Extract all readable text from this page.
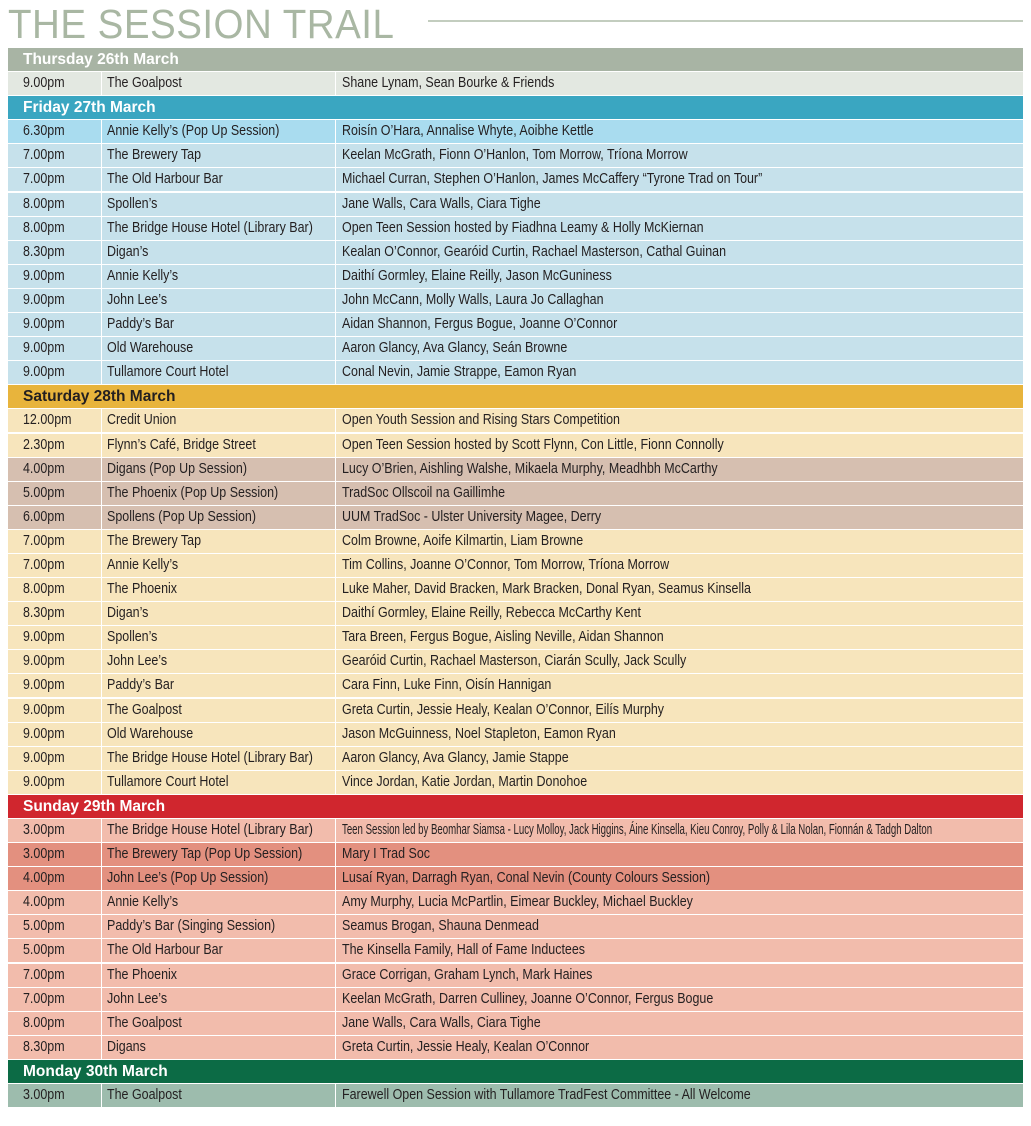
THE SESSION TRAIL
Thursday 26th March
9.00pm	The Goalpost	Shane Lynam, Sean Bourke & Friends
Friday 27th March
6.30pm	Annie Kelly’s (Pop Up Session)	Roisín O’Hara, Annalise Whyte, Aoibhe Kettle
7.00pm	The Brewery Tap	Keelan McGrath, Fionn O’Hanlon, Tom Morrow, Tríona Morrow
7.00pm	The Old Harbour Bar	Michael Curran, Stephen O’Hanlon, James McCaffery “Tyrone Trad on Tour”
8.00pm	Spollen’s	Jane Walls, Cara Walls, Ciara Tighe
8.00pm	The Bridge House Hotel (Library Bar)	Open Teen Session hosted by Fiadhna Leamy & Holly McKiernan
8.30pm	Digan’s	Kealan O’Connor, Gearóid Curtin, Rachael Masterson, Cathal Guinan
9.00pm	Annie Kelly’s	Daithí Gormley, Elaine Reilly, Jason McGuniness
9.00pm	John Lee’s	John McCann, Molly Walls, Laura Jo Callaghan
9.00pm	Paddy’s Bar	Aidan Shannon, Fergus Bogue, Joanne O’Connor
9.00pm	Old Warehouse	Aaron Glancy, Ava Glancy, Seán Browne
9.00pm	Tullamore Court Hotel	Conal Nevin, Jamie Strappe, Eamon Ryan
Saturday 28th March
12.00pm	Credit Union	Open Youth Session and Rising Stars Competition
2.30pm	Flynn’s Café, Bridge Street	Open Teen Session hosted by Scott Flynn, Con Little, Fionn Connolly
4.00pm	Digans (Pop Up Session)	Lucy O’Brien, Aishling Walshe, Mikaela Murphy, Meadhbh McCarthy
5.00pm	The Phoenix (Pop Up Session)	TradSoc Ollscoil na Gaillimhe
6.00pm	Spollens (Pop Up Session)	UUM TradSoc - Ulster University Magee, Derry
7.00pm	The Brewery Tap	Colm Browne, Aoife Kilmartin, Liam Browne
7.00pm	Annie Kelly’s	Tim Collins, Joanne O’Connor, Tom Morrow, Tríona Morrow
8.00pm	The Phoenix	Luke Maher, David Bracken, Mark Bracken, Donal Ryan, Seamus Kinsella
8.30pm	Digan’s	Daithí Gormley, Elaine Reilly, Rebecca McCarthy Kent
9.00pm	Spollen’s	Tara Breen, Fergus Bogue, Aisling Neville, Aidan Shannon
9.00pm	John Lee’s	Gearóid Curtin, Rachael Masterson, Ciarán Scully, Jack Scully
9.00pm	Paddy’s Bar	Cara Finn, Luke Finn, Oisín Hannigan
9.00pm	The Goalpost	Greta Curtin, Jessie Healy, Kealan O’Connor, Eilís Murphy
9.00pm	Old Warehouse	Jason McGuinness, Noel Stapleton, Eamon Ryan
9.00pm	The Bridge House Hotel (Library Bar)	Aaron Glancy, Ava Glancy, Jamie Stappe
9.00pm	Tullamore Court Hotel	Vince Jordan, Katie Jordan, Martin Donohoe
Sunday 29th March
3.00pm	The Bridge House Hotel (Library Bar)	Teen Session led by Beomhar Siamsa - Lucy Molloy, Jack Higgins, Áine Kinsella, Kieu Conroy, Polly & Lila Nolan, Fionnán & Tadgh Dalton
3.00pm	The Brewery Tap (Pop Up Session)	Mary I Trad Soc
4.00pm	John Lee’s (Pop Up Session)	Lusaí Ryan, Darragh Ryan, Conal Nevin (County Colours Session)
4.00pm	Annie Kelly’s	Amy Murphy, Lucia McPartlin, Eimear Buckley, Michael Buckley
5.00pm	Paddy’s Bar (Singing Session)	Seamus Brogan, Shauna Denmead
5.00pm	The Old Harbour Bar	The Kinsella Family, Hall of Fame Inductees
7.00pm	The Phoenix	Grace Corrigan, Graham Lynch, Mark Haines
7.00pm	John Lee’s	Keelan McGrath, Darren Culliney, Joanne O’Connor, Fergus Bogue
8.00pm	The Goalpost	Jane Walls, Cara Walls, Ciara Tighe
8.30pm	Digans	Greta Curtin, Jessie Healy, Kealan O’Connor
Monday 30th March
3.00pm	The Goalpost	Farewell Open Session with Tullamore TradFest Committee - All Welcome
